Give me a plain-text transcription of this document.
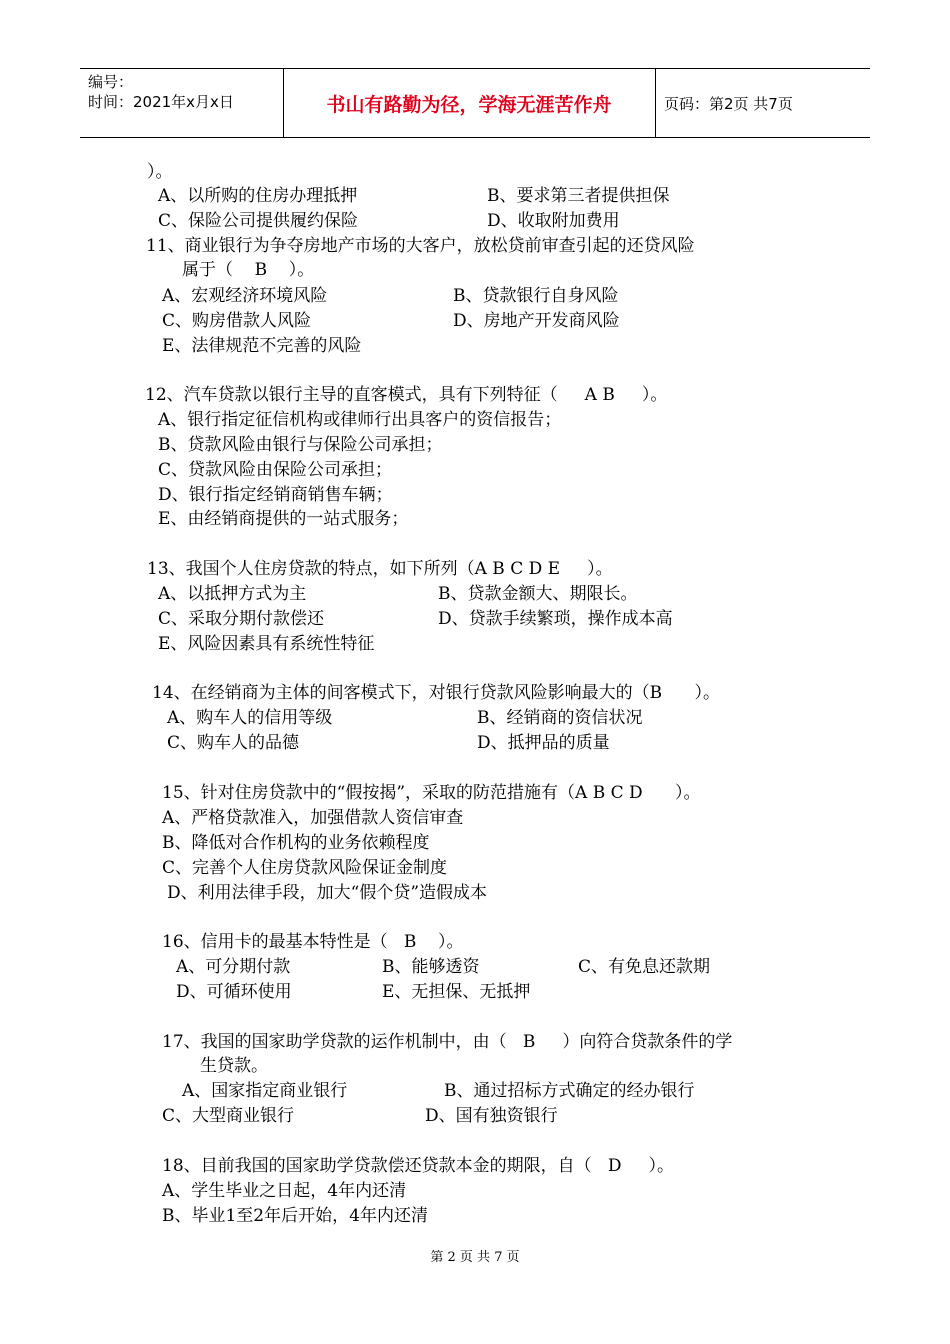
编号：
时间：2021年x月x日	书山有路勤为径，学海无涯苦作舟	页码：第2页 共7页
）。
A、以所购的住房办理抵押	B、要求第三者提供担保
C、保险公司提供履约保险	D、收取附加费用
11、商业银行为争夺房地产市场的大客户，放松贷前审查引起的还贷风险
属于（    B    ）。
A、宏观经济环境风险	B、贷款银行自身风险
C、购房借款人风险	D、房地产开发商风险
E、法律规范不完善的风险
12、汽车贷款以银行主导的直客模式，具有下列特征（     A B     ）。
A、银行指定征信机构或律师行出具客户的资信报告；
B、贷款风险由银行与保险公司承担；
C、贷款风险由保险公司承担；
D、银行指定经销商销售车辆；
E、由经销商提供的一站式服务；
13、我国个人住房贷款的特点，如下所列（A B C D E     ）。
A、以抵押方式为主	B、贷款金额大、期限长。
C、采取分期付款偿还	D、贷款手续繁琐，操作成本高
E、风险因素具有系统性特征
14、在经销商为主体的间客模式下，对银行贷款风险影响最大的（B      ）。
A、购车人的信用等级	B、经销商的资信状况
C、购车人的品德	D、抵押品的质量
15、针对住房贷款中的“假按揭”，采取的防范措施有（A B C D      ）。
A、严格贷款准入，加强借款人资信审查
B、降低对合作机构的业务依赖程度
C、完善个人住房贷款风险保证金制度
D、利用法律手段，加大“假个贷”造假成本
16、信用卡的最基本特性是（   B    ）。
A、可分期付款	B、能够透资	C、有免息还款期
D、可循环使用	E、无担保、无抵押
17、我国的国家助学贷款的运作机制中，由（   B     ）向符合贷款条件的学
生贷款。
A、国家指定商业银行	B、通过招标方式确定的经办银行
C、大型商业银行	D、国有独资银行
18、目前我国的国家助学贷款偿还贷款本金的期限，自（   D     ）。
A、学生毕业之日起，4年内还清
B、毕业1至2年后开始，4年内还清
第 2 页 共 7 页
